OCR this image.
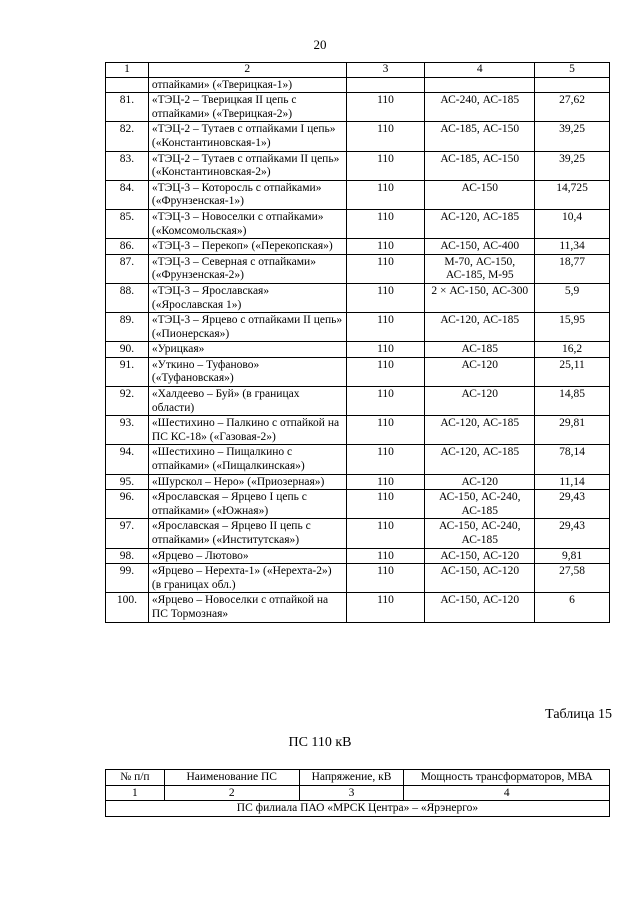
20
1	2	3	4	5
	отпайками» («Тверицкая-1»)			
81.	«ТЭЦ-2 – Тверицкая II цепь с отпайками» («Тверицкая-2»)	110	АС-240, АС-185	27,62
82.	«ТЭЦ-2 – Тутаев с отпайками I цепь» («Константиновская-1»)	110	АС-185, АС-150	39,25
83.	«ТЭЦ-2 – Тутаев с отпайками II цепь» («Константиновская-2»)	110	АС-185, АС-150	39,25
84.	«ТЭЦ-3 – Которосль с отпайками» («Фрунзенская-1»)	110	АС-150	14,725
85.	«ТЭЦ-3 – Новоселки с отпайками» («Комсомольская»)	110	АС-120, АС-185	10,4
86.	«ТЭЦ-3 – Перекоп» («Перекопская»)	110	АС-150, АС-400	11,34
87.	«ТЭЦ-3 – Северная с отпайками» («Фрунзенская-2»)	110	М-70, АС-150, АС-185, М-95	18,77
88.	«ТЭЦ-3 – Ярославская» («Ярославская 1»)	110	2 × АС-150, АС-300	5,9
89.	«ТЭЦ-3 – Ярцево с отпайками II цепь» («Пионерская»)	110	АС-120, АС-185	15,95
90.	«Урицкая»	110	АС-185	16,2
91.	«Уткино – Туфаново» («Туфановская»)	110	АС-120	25,11
92.	«Халдеево – Буй» (в границах области)	110	АС-120	14,85
93.	«Шестихино – Палкино с отпайкой на ПС КС-18» («Газовая-2»)	110	АС-120, АС-185	29,81
94.	«Шестихино – Пищалкино с отпайками» («Пищалкинская»)	110	АС-120, АС-185	78,14
95.	«Шурскол – Неро» («Приозерная»)	110	АС-120	11,14
96.	«Ярославская – Ярцево I цепь с отпайками» («Южная»)	110	АС-150, АС-240, АС-185	29,43
97.	«Ярославская – Ярцево II цепь с отпайками» («Институтская»)	110	АС-150, АС-240, АС-185	29,43
98.	«Ярцево – Лютово»	110	АС-150, АС-120	9,81
99.	«Ярцево – Нерехта-1» («Нерехта-2») (в границах обл.)	110	АС-150, АС-120	27,58
100.	«Ярцево – Новоселки с отпайкой на ПС Тормозная»	110	АС-150, АС-120	6
Таблица 15
ПС 110 кВ
№ п/п	Наименование ПС	Напряжение, кВ	Мощность трансформаторов, МВА
1	2	3	4
ПС филиала ПАО «МРСК Центра» – «Ярэнерго»			
